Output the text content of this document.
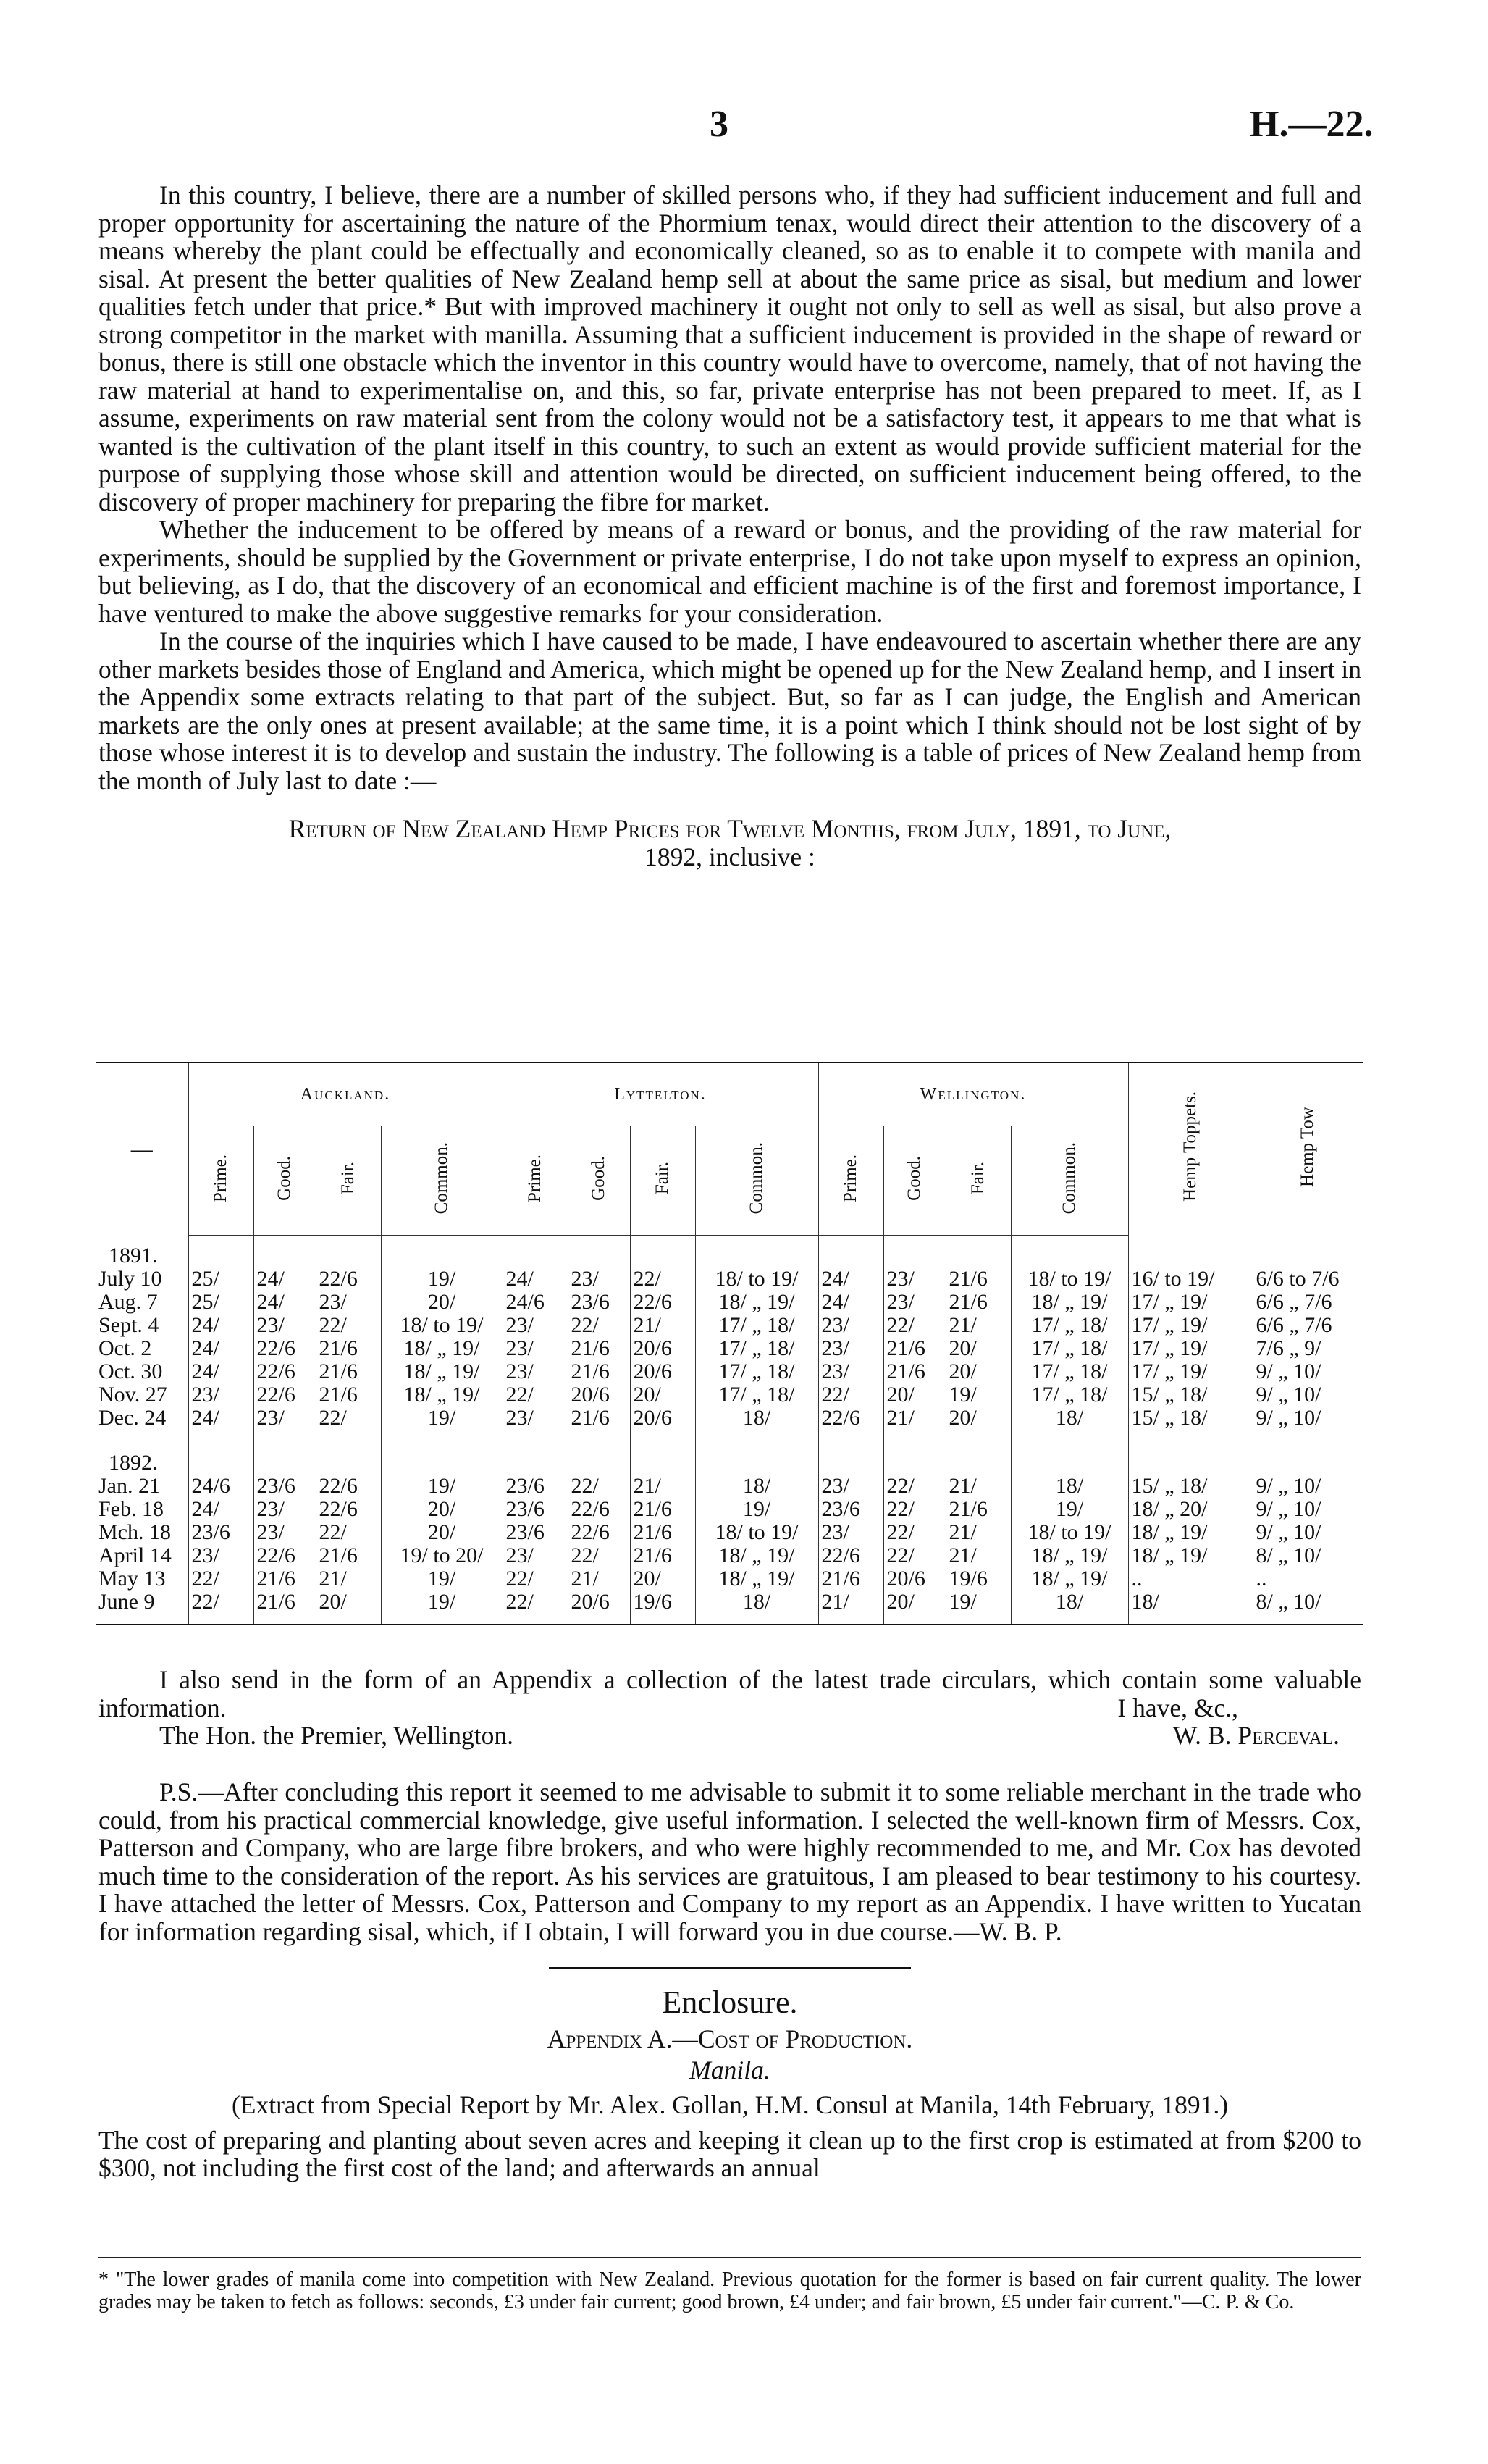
3	H.—22.

In this country, I believe, there are a number of skilled persons who, if they had sufficient inducement and full and proper opportunity for ascertaining the nature of the Phormium tenax, would direct their attention to the discovery of a means whereby the plant could be effectually and economically cleaned, so as to enable it to compete with manila and sisal. At present the better qualities of New Zealand hemp sell at about the same price as sisal, but medium and lower qualities fetch under that price.* But with improved machinery it ought not only to sell as well as sisal, but also prove a strong competitor in the market with manilla. Assuming that a sufficient inducement is provided in the shape of reward or bonus, there is still one obstacle which the inventor in this country would have to overcome, namely, that of not having the raw material at hand to experimentalise on, and this, so far, private enterprise has not been prepared to meet. If, as I assume, experiments on raw material sent from the colony would not be a satisfactory test, it appears to me that what is wanted is the cultivation of the plant itself in this country, to such an extent as would provide sufficient material for the purpose of supplying those whose skill and attention would be directed, on sufficient inducement being offered, to the discovery of proper machinery for preparing the fibre for market.

Whether the inducement to be offered by means of a reward or bonus, and the providing of the raw material for experiments, should be supplied by the Government or private enterprise, I do not take upon myself to express an opinion, but believing, as I do, that the discovery of an economical and efficient machine is of the first and foremost importance, I have ventured to make the above suggestive remarks for your consideration.

In the course of the inquiries which I have caused to be made, I have endeavoured to ascertain whether there are any other markets besides those of England and America, which might be opened up for the New Zealand hemp, and I insert in the Appendix some extracts relating to that part of the subject. But, so far as I can judge, the English and American markets are the only ones at present available; at the same time, it is a point which I think should not be lost sight of by those whose interest it is to develop and sustain the industry. The following is a table of prices of New Zealand hemp from the month of July last to date :—

Return of New Zealand Hemp Prices for Twelve Months, from July, 1891, to June,

1892, inclusive :

—	Auckland.				Lyttelton.				Wellington.				Hemp Toppets.	Hemp Tow
	Prime.	Good.	Fair.	Common.	Prime.	Good.	Fair.	Common.	Prime.	Good.	Fair.	Common.		
1891.														
July 10	25/	24/	22/6	19/	24/	23/	22/	18/ to 19/	24/	23/	21/6	18/ to 19/	16/ to 19/	6/6 to 7/6
Aug. 7	25/	24/	23/	20/	24/6	23/6	22/6	18/ „ 19/	24/	23/	21/6	18/ „ 19/	17/ „ 19/	6/6 „ 7/6
Sept. 4	24/	23/	22/	18/ to 19/	23/	22/	21/	17/ „ 18/	23/	22/	21/	17/ „ 18/	17/ „ 19/	6/6 „ 7/6
Oct. 2	24/	22/6	21/6	18/ „ 19/	23/	21/6	20/6	17/ „ 18/	23/	21/6	20/	17/ „ 18/	17/ „ 19/	7/6 „ 9/
Oct. 30	24/	22/6	21/6	18/ „ 19/	23/	21/6	20/6	17/ „ 18/	23/	21/6	20/	17/ „ 18/	17/ „ 19/	9/ „ 10/
Nov. 27	23/	22/6	21/6	18/ „ 19/	22/	20/6	20/	17/ „ 18/	22/	20/	19/	17/ „ 18/	15/ „ 18/	9/ „ 10/
Dec. 24	24/	23/	22/	19/	23/	21/6	20/6	18/	22/6	21/	20/	18/	15/ „ 18/	9/ „ 10/
1892.														
Jan. 21	24/6	23/6	22/6	19/	23/6	22/	21/	18/	23/	22/	21/	18/	15/ „ 18/	9/ „ 10/
Feb. 18	24/	23/	22/6	20/	23/6	22/6	21/6	19/	23/6	22/	21/6	19/	18/ „ 20/	9/ „ 10/
Mch. 18	23/6	23/	22/	20/	23/6	22/6	21/6	18/ to 19/	23/	22/	21/	18/ to 19/	18/ „ 19/	9/ „ 10/
April 14	23/	22/6	21/6	19/ to 20/	23/	22/	21/6	18/ „ 19/	22/6	22/	21/	18/ „ 19/	18/ „ 19/	8/ „ 10/
May 13	22/	21/6	21/	19/	22/	21/	20/	18/ „ 19/	21/6	20/6	19/6	18/ „ 19/	..	..
June 9	22/	21/6	20/	19/	22/	20/6	19/6	18/	21/	20/	19/	18/	18/	8/ „ 10/

I also send in the form of an Appendix a collection of the latest trade circulars, which contain some valuable information.	I have, &c.,
The Hon. the Premier, Wellington.	W. B. Perceval.

P.S.—After concluding this report it seemed to me advisable to submit it to some reliable merchant in the trade who could, from his practical commercial knowledge, give useful information. I selected the well-known firm of Messrs. Cox, Patterson and Company, who are large fibre brokers, and who were highly recommended to me, and Mr. Cox has devoted much time to the consideration of the report. As his services are gratuitous, I am pleased to bear testimony to his courtesy. I have attached the letter of Messrs. Cox, Patterson and Company to my report as an Appendix. I have written to Yucatan for information regarding sisal, which, if I obtain, I will forward you in due course.—W. B. P.

Enclosure.

Appendix A.—Cost of Production.

Manila.

(Extract from Special Report by Mr. Alex. Gollan, H.M. Consul at Manila, 14th February, 1891.)

The cost of preparing and planting about seven acres and keeping it clean up to the first crop is estimated at from $200 to $300, not including the first cost of the land; and afterwards an annual

* "The lower grades of manila come into competition with New Zealand. Previous quotation for the former is based on fair current quality. The lower grades may be taken to fetch as follows: seconds, £3 under fair current; good brown, £4 under; and fair brown, £5 under fair current."—C. P. & Co.
